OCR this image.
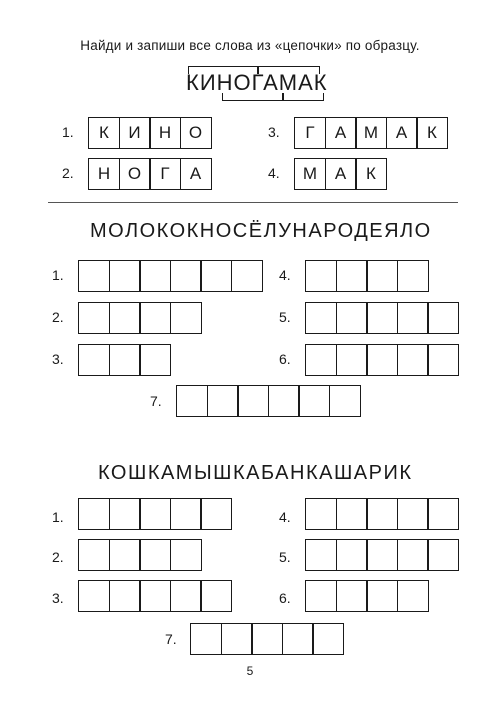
Найди и запиши все слова из «цепочки» по образцу.
КИНОГАМАК
1.	К	И	Н	О
2.	Н	О	Г	А
3.	Г	А	М	А	К
4.	М	А	К
МОЛОКОКНОСЁЛУНАРОДЕЯЛО
1.
2.
3.
4.
5.
6.
7.
КОШКАМЫШКАБАНКАШАРИК
1.
2.
3.
4.
5.
6.
7.
5
